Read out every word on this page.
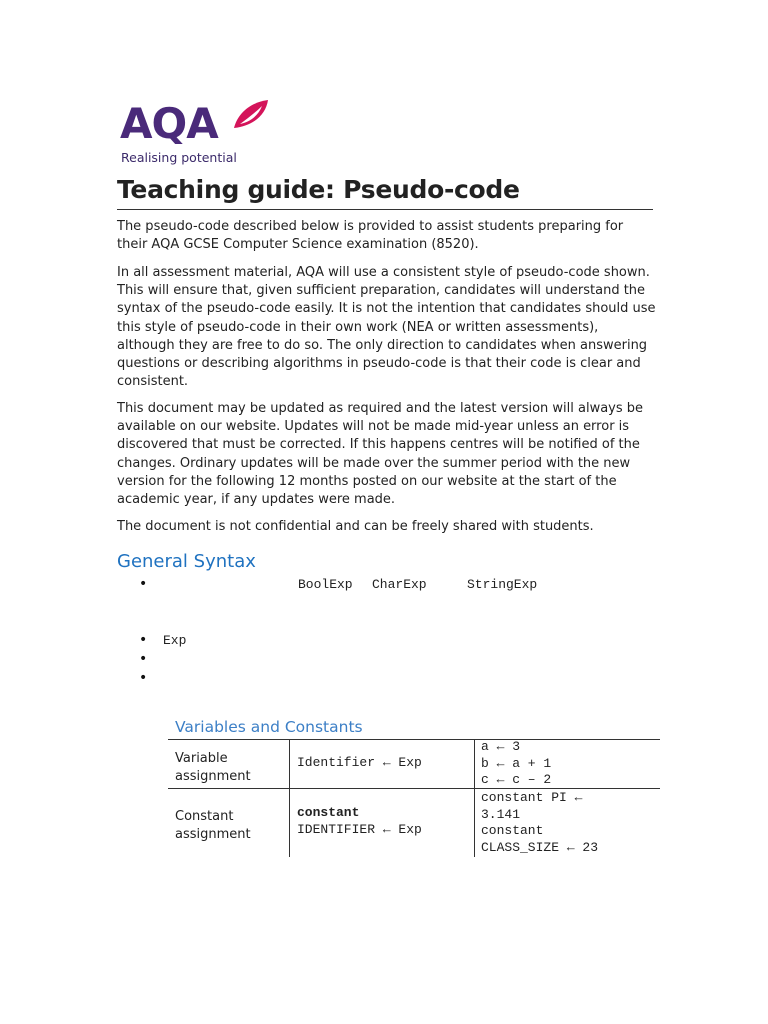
AQA
Realising potential
Teaching guide: Pseudo-code

The pseudo-code described below is provided to assist students preparing for their AQA GCSE Computer Science examination (8520).

In all assessment material, AQA will use a consistent style of pseudo-code shown. This will ensure that, given sufficient preparation, candidates will understand the syntax of the pseudo-code easily. It is not the intention that candidates should use this style of pseudo-code in their own work (NEA or written assessments), although they are free to do so. The only direction to candidates when answering questions or describing algorithms in pseudo-code is that their code is clear and consistent.

This document may be updated as required and the latest version will always be available on our website. Updates will not be made mid-year unless an error is discovered that must be corrected. If this happens centres will be notified of the changes. Ordinary updates will be made over the summer period with the new version for the following 12 months posted on our website at the start of the academic year, if any updates were made.

The document is not confidential and can be freely shared with students.

General Syntax
•
•
•
•
BoolExp CharExp	StringExp
Exp
Variables and Constants
Variable assignment
Identifier ← Exp
a ← 3
b ← a + 1
c ← c – 2
Constant assignment
constant
IDENTIFIER ← Exp
constant PI ←
3.141
constant
CLASS_SIZE ← 23
